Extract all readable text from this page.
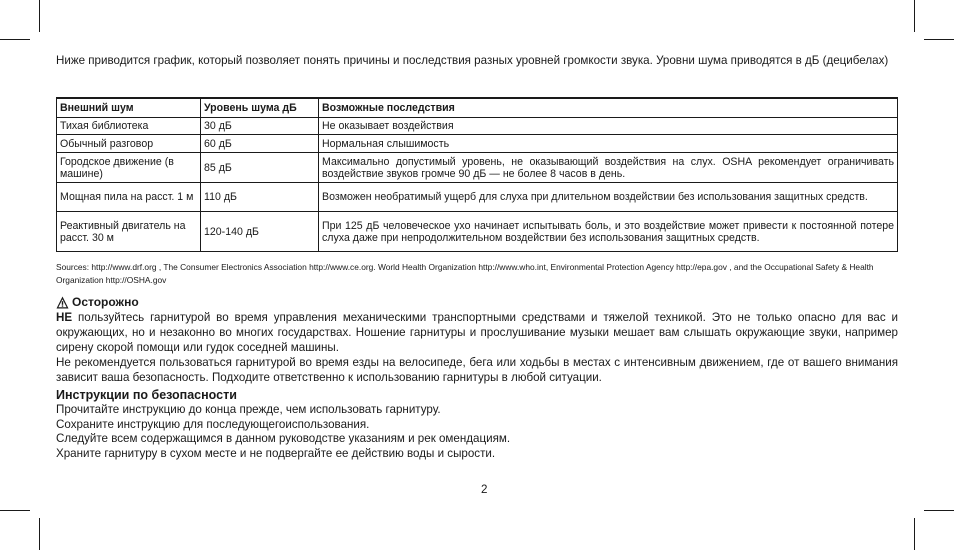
Ниже приводится график, который позволяет понять причины и последствия разных уровней громкости звука. Уровни шума приводятся в дБ (децибелах)

Внешний шум	Уровень шума дБ	Возможные последствия
Тихая библиотека	30 дБ	Не оказывает воздействия
Обычный разговор	60 дБ	Нормальная слышимость
Городское движение (в машине)	85 дБ	Максимально допустимый уровень, не оказывающий воздействия на слух. OSHA рекомендует ограничивать воздействие звуков громче 90 дБ — не более 8 часов в день.
Мощная пила на расст. 1 м	110 дБ	Возможен необратимый ущерб для слуха при длительном воздействии без использования защитных средств.
Реактивный двигатель на расст. 30 м	120-140 дБ	При 125 дБ человеческое ухо начинает испытывать боль, и это воздействие может привести к постоянной потере слуха даже при непродолжительном воздействии без использования защитных средств.

Sources: http://www.drf.org , The Consumer Electronics Association http://www.ce.org. World Health Organization http://www.who.int, Environmental Protection Agency http://epa.gov , and the Occupational Safety & Health Organization http://OSHA.gov

Осторожно
НЕ пользуйтесь гарнитурой во время управления механическими транспортными средствами и тяжелой техникой. Это не только опасно для вас и окружающих, но и незаконно во многих государствах. Ношение гарнитуры и прослушивание музыки мешает вам слышать окружающие звуки, например сирену скорой помощи или гудок соседней машины.
Не рекомендуется пользоваться гарнитурой во время езды на велосипеде, бега или ходьбы в местах с интенсивным движением, где от вашего внимания зависит ваша безопасность. Подходите ответственно к использованию гарнитуры в любой ситуации.
Инструкции по безопасности
Прочитайте инструкцию до конца прежде, чем использовать гарнитуру.
Сохраните инструкцию для последующегоиспользования.
Следуйте всем содержащимся в данном руководстве указаниям и рек омендациям.
Храните гарнитуру в сухом месте и не подвергайте ее действию воды и сырости.
2
